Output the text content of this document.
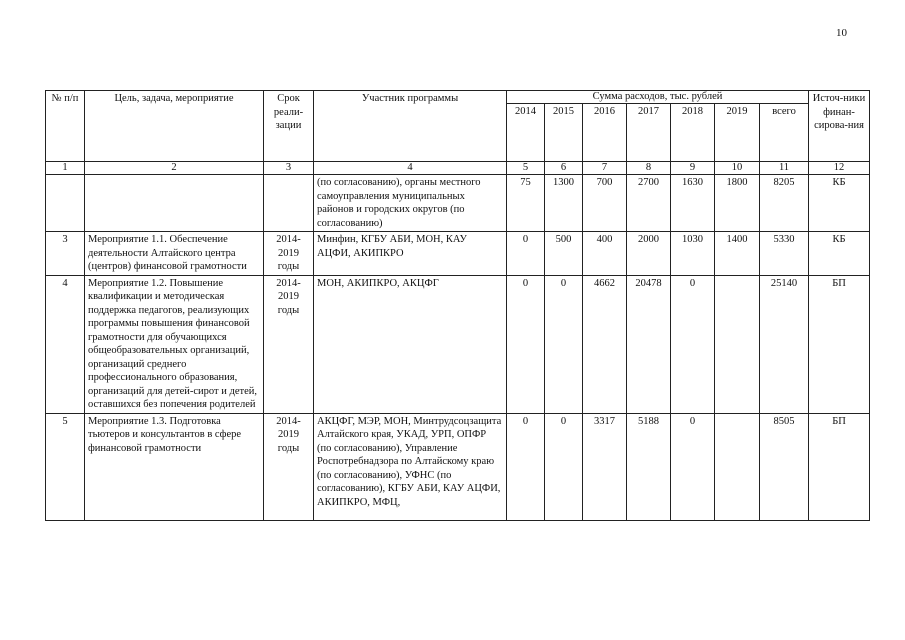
10
№ п/п	Цель, задача, мероприятие	Срок реали-зации	Участник программы	Сумма расходов, тыс. рублей							Источ-ники финан-сирова-ния
				2014	2015	2016	2017	2018	2019	всего	
1	2	3	4	5	6	7	8	9	10	11	12
			(по согласованию), органы местного самоуправления муниципальных районов и городских округов (по согласованию)	75	1300	700	2700	1630	1800	8205	КБ
3	Мероприятие 1.1. Обеспечение деятельности Алтайского центра (центров) финансовой грамотности	2014-2019 годы	Минфин, КГБУ АБИ, МОН, КАУ АЦФИ, АКИПКРО	0	500	400	2000	1030	1400	5330	КБ
4	Мероприятие 1.2. Повышение квалификации и методическая поддержка педагогов, реализующих программы повышения финансовой грамотности для обучающихся общеобразовательных организаций, организаций среднего профессионального образования, организаций для детей-сирот и детей, оставшихся без попечения родителей	2014-2019 годы	МОН, АКИПКРО, АКЦФГ	0	0	4662	20478	0		25140	БП
5	Мероприятие 1.3. Подготовка тьютеров и консультантов в сфере финансовой грамотности	2014-2019 годы	АКЦФГ, МЭР, МОН, Минтрудсоцзащита Алтайского края, УКАД, УРП, ОПФР (по согласованию), Управление Роспотребнадзора по Алтайскому краю (по согласованию), УФНС (по согласованию), КГБУ АБИ, КАУ АЦФИ, АКИПКРО, МФЦ,	0	0	3317	5188	0		8505	БП
